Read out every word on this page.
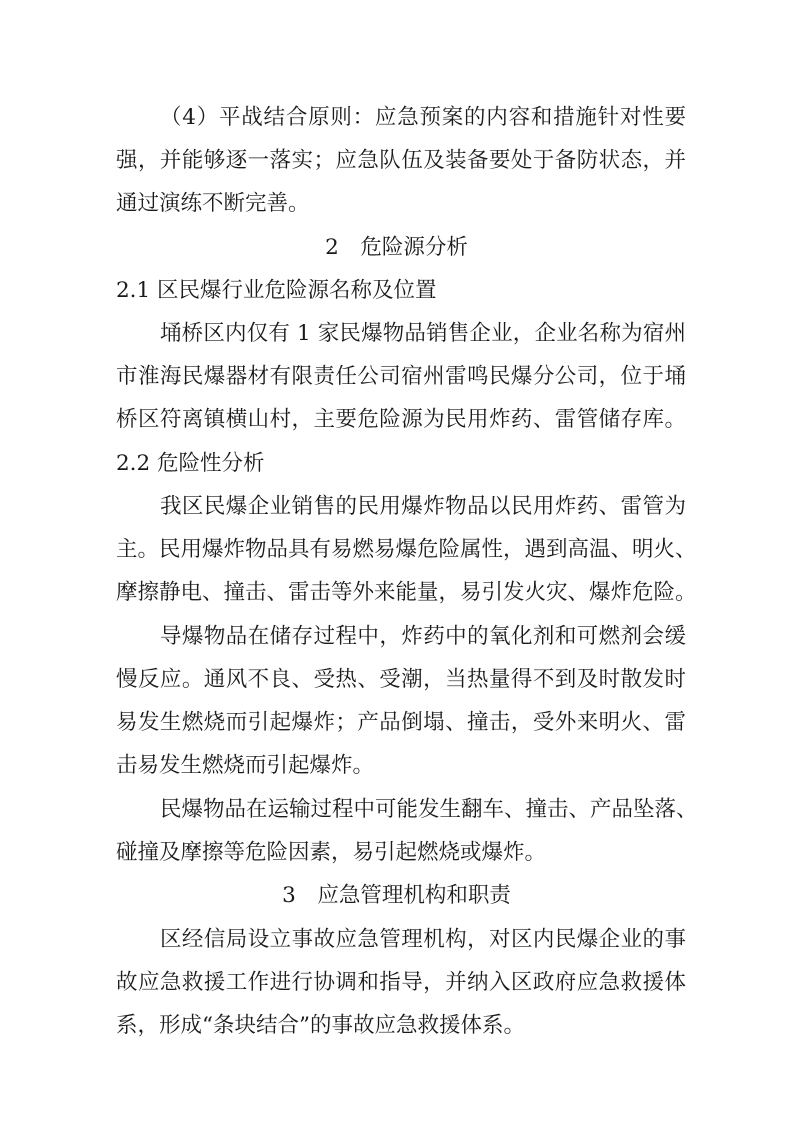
（4）平战结合原则：应急预案的内容和措施针对性要
强，并能够逐一落实；应急队伍及装备要处于备防状态，并
通过演练不断完善。
2　危险源分析
2.1 区民爆行业危险源名称及位置
埇桥区内仅有 1 家民爆物品销售企业，企业名称为宿州
市淮海民爆器材有限责任公司宿州雷鸣民爆分公司，位于埇
桥区符离镇横山村，主要危险源为民用炸药、雷管储存库。
2.2 危险性分析
我区民爆企业销售的民用爆炸物品以民用炸药、雷管为
主。民用爆炸物品具有易燃易爆危险属性，遇到高温、明火、
摩擦静电、撞击、雷击等外来能量，易引发火灾、爆炸危险。
导爆物品在储存过程中，炸药中的氧化剂和可燃剂会缓
慢反应。通风不良、受热、受潮，当热量得不到及时散发时
易发生燃烧而引起爆炸；产品倒塌、撞击，受外来明火、雷
击易发生燃烧而引起爆炸。
民爆物品在运输过程中可能发生翻车、撞击、产品坠落、
碰撞及摩擦等危险因素，易引起燃烧或爆炸。
3　应急管理机构和职责
区经信局设立事故应急管理机构，对区内民爆企业的事
故应急救援工作进行协调和指导，并纳入区政府应急救援体
系，形成“条块结合”的事故应急救援体系。
